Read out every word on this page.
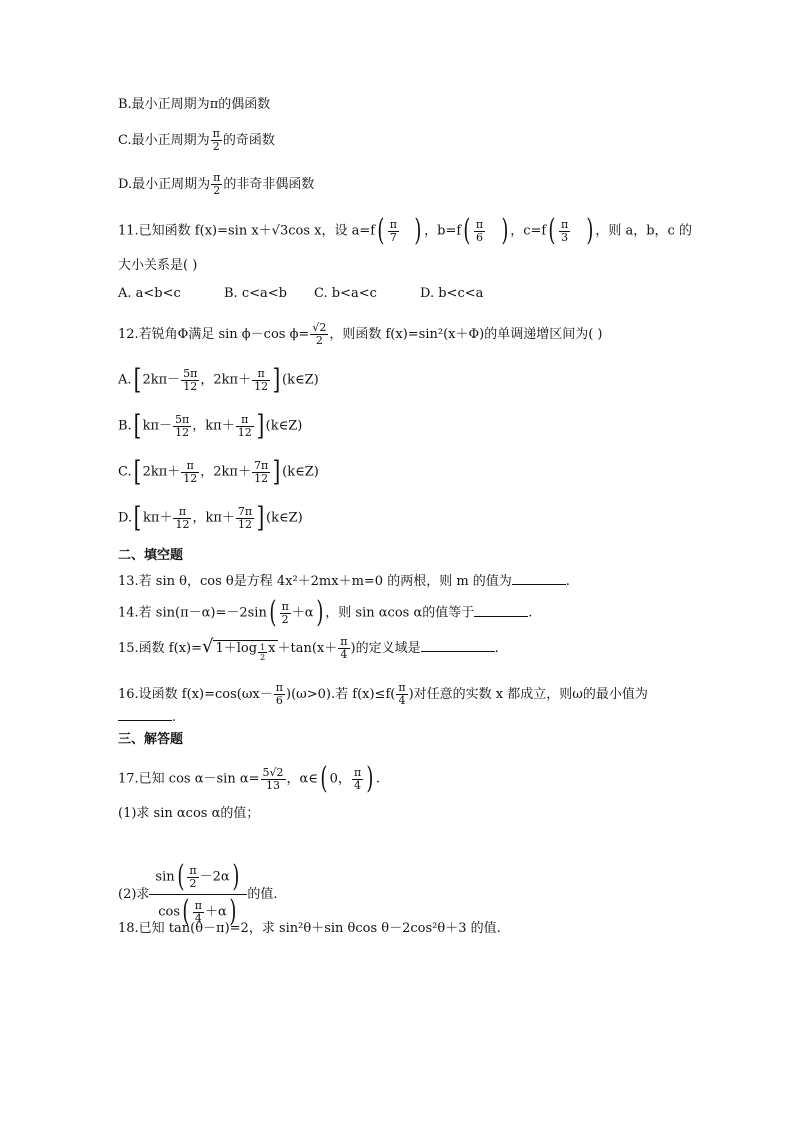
B.最小正周期为π的偶函数
C.最小正周期为 $\frac{\pi}{2}$ 的奇函数
D.最小正周期为 $\frac{\pi}{2}$ 的非奇非偶函数
11.已知函数 f(x)=sin x＋√3cos x，设 $a=f( \frac{\pi}{7}$ ) ，$b=f( \frac{\pi}{6}$ ) ，$c=f( \frac{\pi}{3}$ ) ，则 a，b，c 的
大小关系是( )
A. a<b<c	B. c<a<b C. b<a<c	D. b<c<a
12.若锐角Φ满足 sin ϕ－cos $\phi= \frac{√2}{2}$ ，则函数 f(x)=sin²(x＋Φ)的单调递增区间为( )
A.[ $2k\pi- \frac{5\pi}{12}$ ，$2k\pi+ \frac{\pi}{12}$ ] (k∈Z)
B.[ $k\pi- \frac{5\pi}{12}$ ，$k\pi+ \frac{\pi}{12}$ ] (k∈Z)
C.[ $2k\pi+ \frac{\pi}{12}$ ，$2k\pi+ \frac{7\pi}{12}$ ] (k∈Z)
D.[ $k\pi+ \frac{\pi}{12}$ ，$k\pi+ \frac{7\pi}{12}$ ] (k∈Z)
二、填空题
13.若 sin θ，cos θ是方程 4x²＋2mx＋m=0 的两根，则 m 的值为	.
14.若 $\sin(\pi-\alpha)=-2\sin( \frac{\pi}{2} +\alpha)$ ，则 sin αcos α的值等于	.
15.函数 f(x)=√ $1+\log \frac{1}{2}$ $x +\tan(x+ \frac{\pi}{4}$ )的定义域是	.
16.设函数 $f(x)=\cos(\omega x- \frac{\pi}{6} )(\omega>0)$.若 $f(x)\le f( \frac{\pi}{4}$ )对任意的实数 x 都成立，则ω的最小值为
.
三、解答题
17.已知 cos α－sin $\alpha= \frac{5√2}{13}$ ，α∈( 0， $\frac{\pi}{4}$ ) .
(1)求 sin αcos α的值；
(2)求 $\frac{\sin( \frac{\pi}{2} -2\alpha)}{\cos( \frac{\pi}{4} +\alpha)}$ 的值.
18.已知 tan(θ－π)=2，求 sin²θ＋sin θcos θ－2cos²θ＋3 的值.
